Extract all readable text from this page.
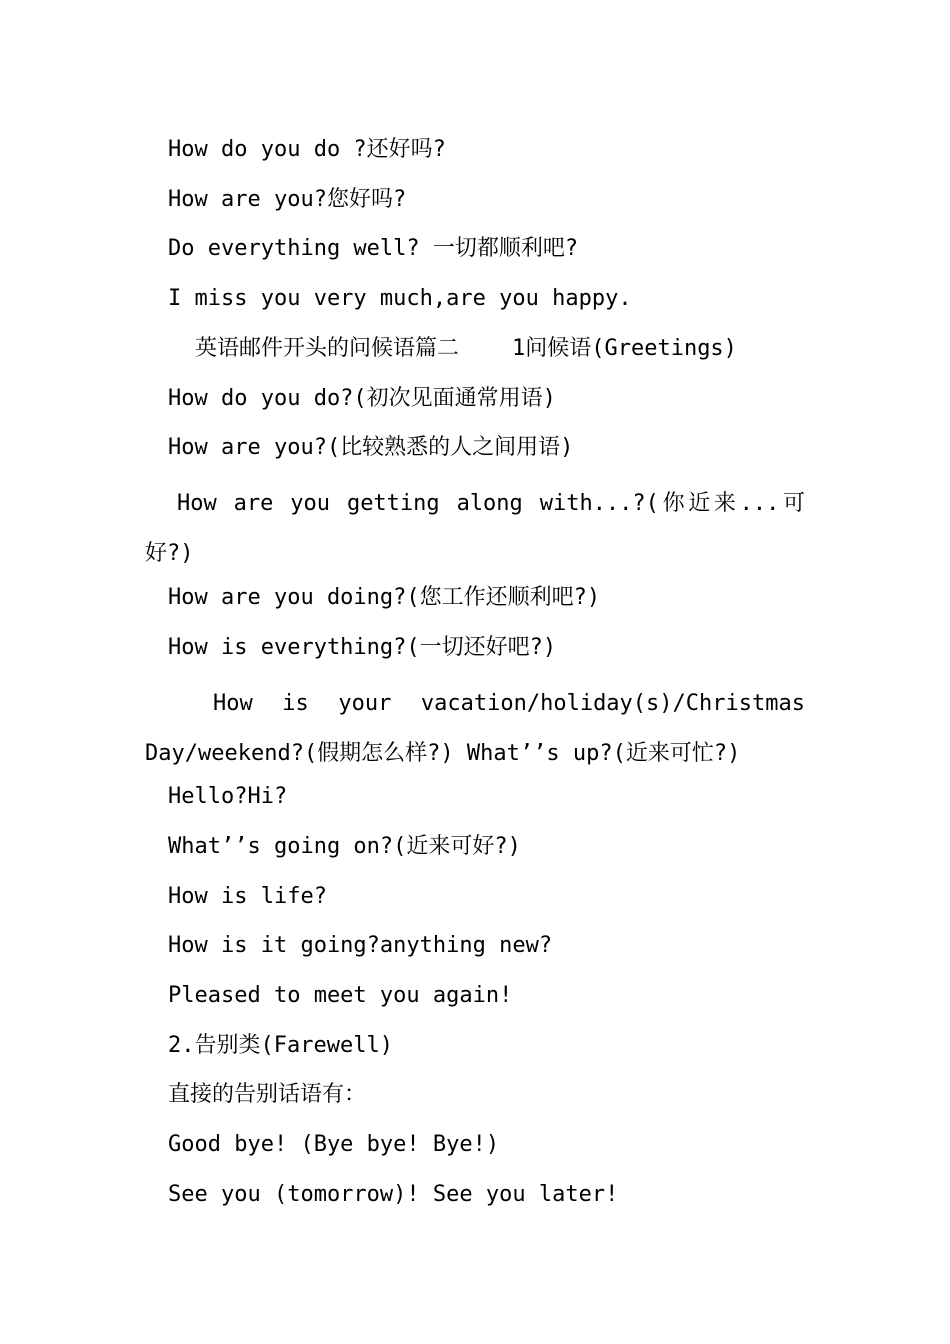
How do you do ?还好吗?
How are you?您好吗?
Do everything well? 一切都顺利吧?
I miss you very much,are you happy.
英语邮件开头的问候语篇二    1问候语(Greetings)
How do you do?(初次见面通常用语)
How are you?(比较熟悉的人之间用语)
How are you getting along with...?(你近来...可好?)
How are you doing?(您工作还顺利吧?)
How is everything?(一切还好吧?)
How is your vacation/holiday(s)/Christmas Day/weekend?(假期怎么样?) What’’s up?(近来可忙?)
Hello?Hi?
What’’s going on?(近来可好?)
How is life?
How is it going?anything new?
Pleased to meet you again!
2.告别类(Farewell)
直接的告别话语有：
Good bye! (Bye bye! Bye!)
See you (tomorrow)! See you later!
